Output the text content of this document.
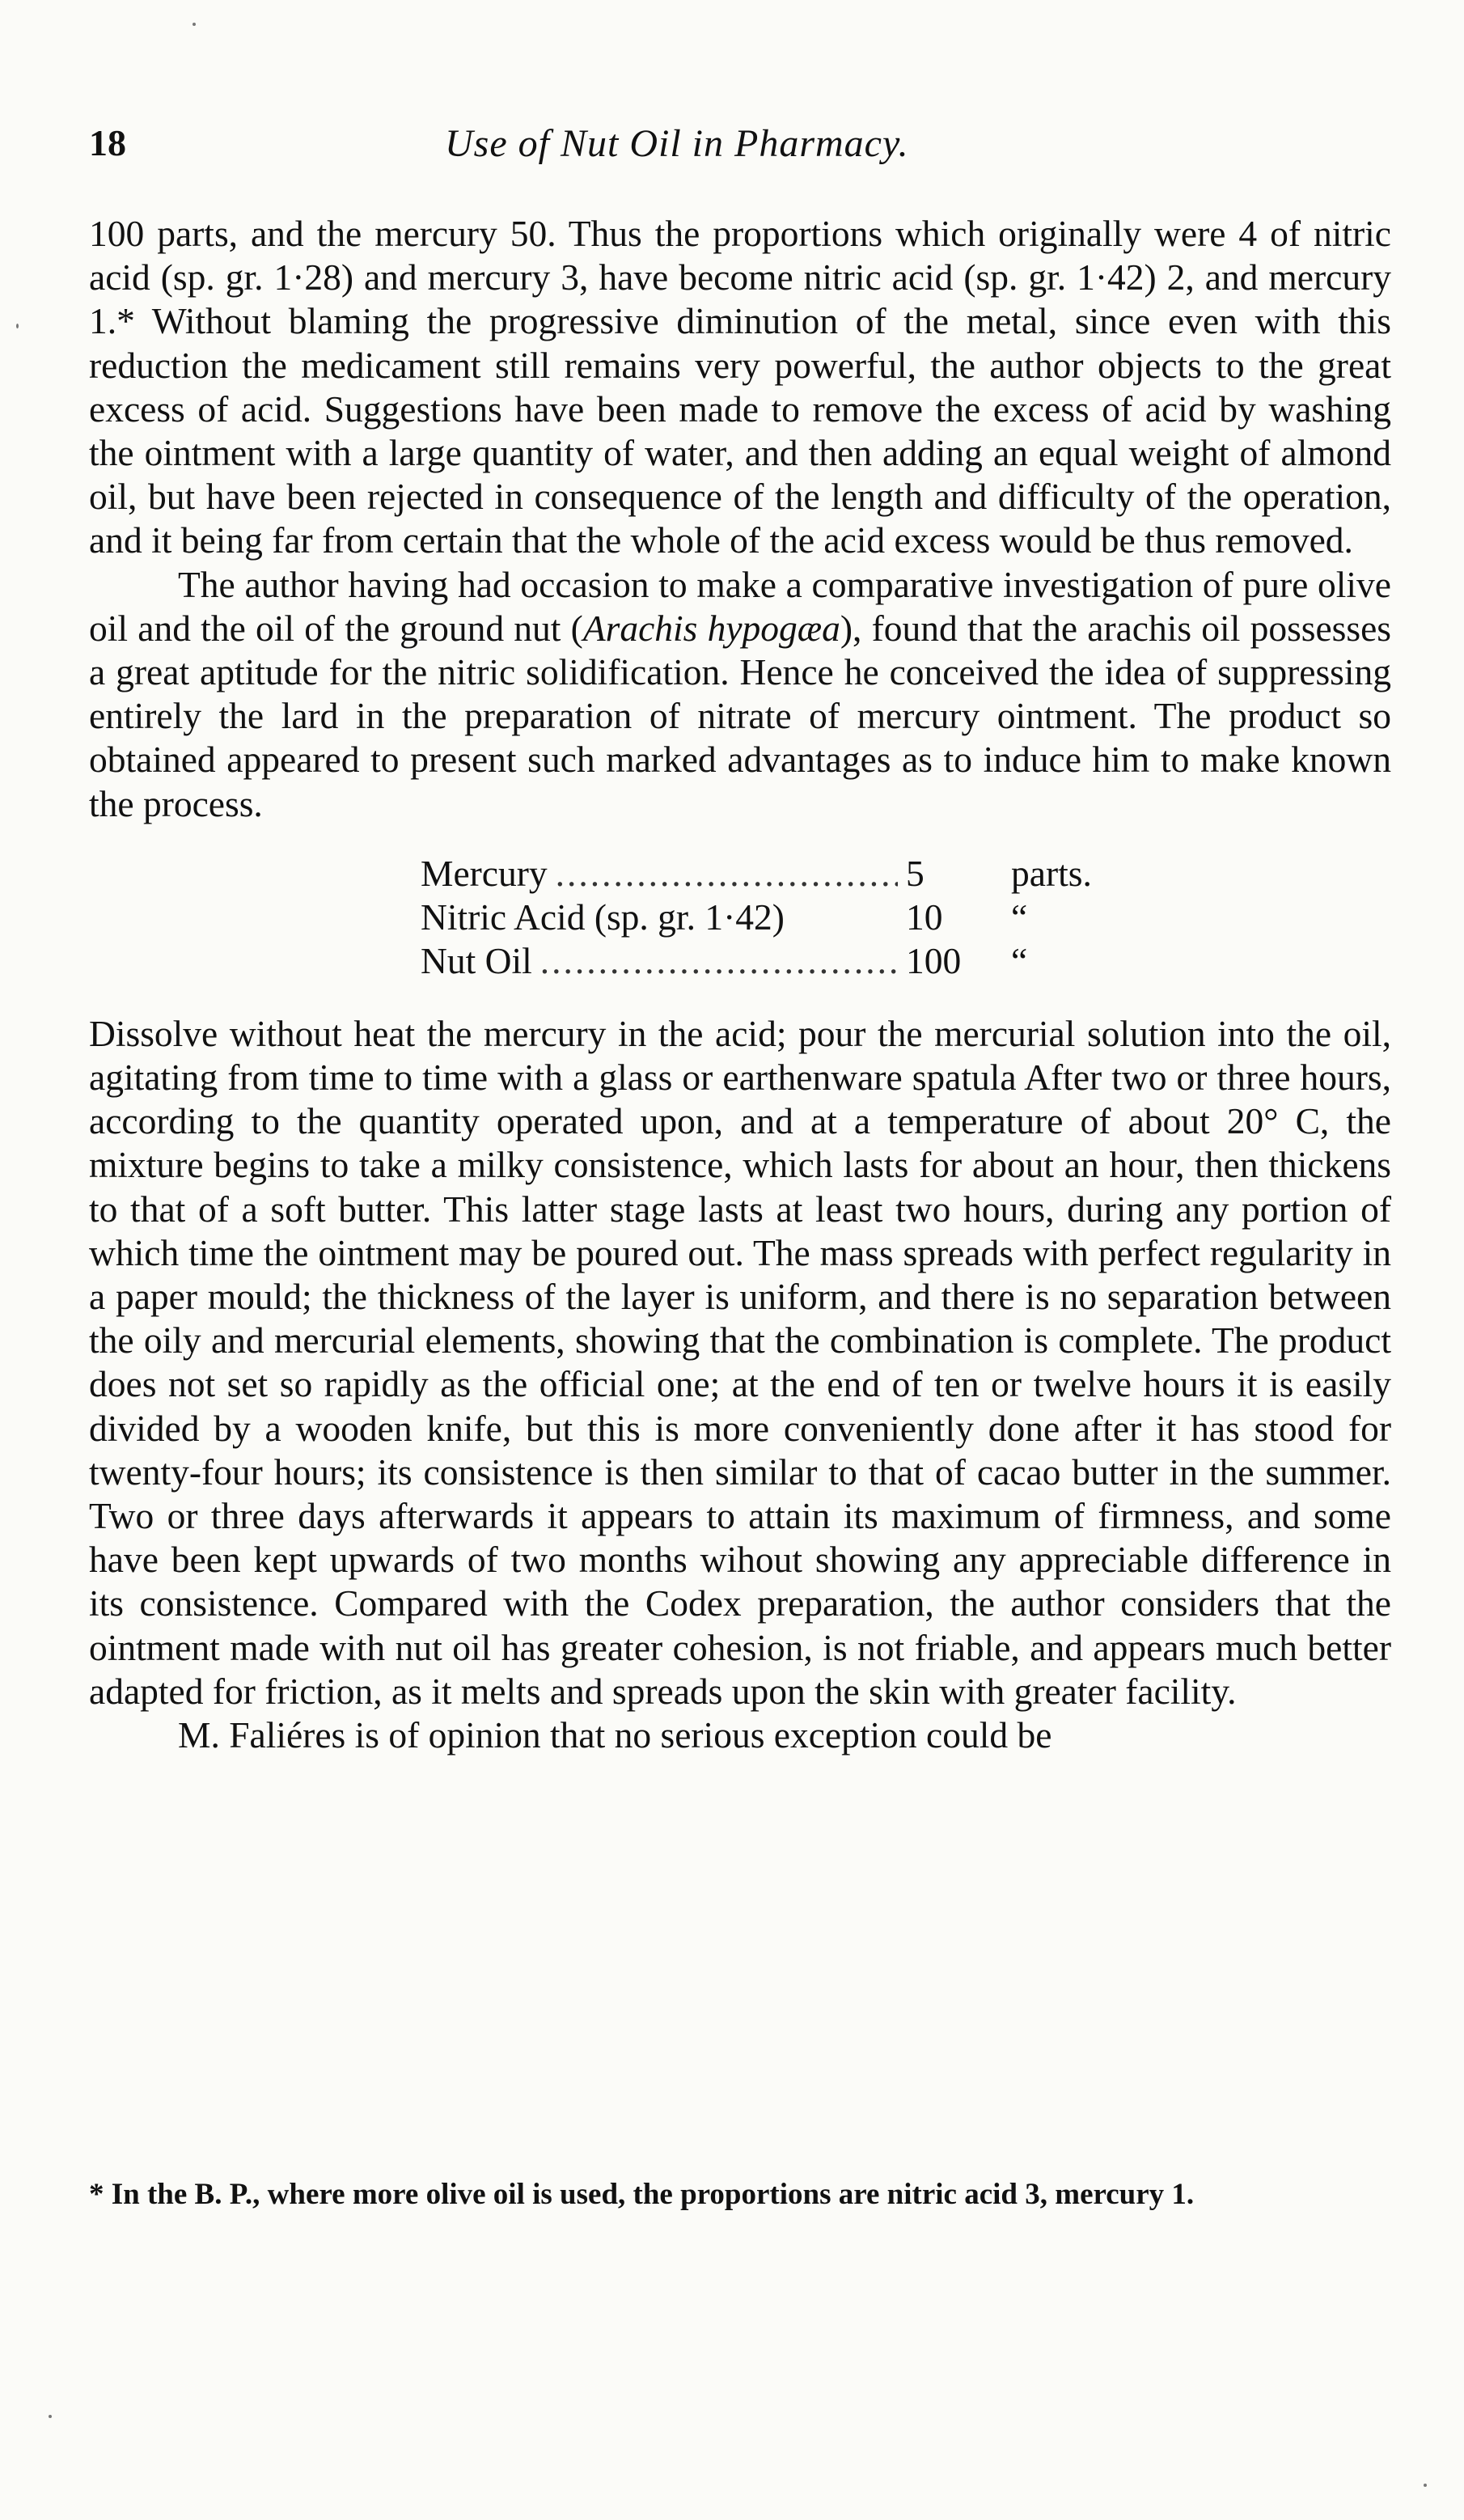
18	Use of Nut Oil in Pharmacy.

100 parts, and the mercury 50. Thus the proportions which originally were 4 of nitric acid (sp. gr. 1·28) and mercury 3, have become nitric acid (sp. gr. 1·42) 2, and mercury 1.* Without blaming the progressive diminution of the metal, since even with this reduction the medicament still remains very powerful, the author objects to the great excess of acid. Suggestions have been made to remove the excess of acid by washing the ointment with a large quantity of water, and then adding an equal weight of almond oil, but have been rejected in consequence of the length and difficulty of the operation, and it being far from certain that the whole of the acid excess would be thus removed.

The author having had occasion to make a comparative investigation of pure olive oil and the oil of the ground nut (Arachis hypogæa), found that the arachis oil possesses a great aptitude for the nitric solidification. Hence he conceived the idea of suppressing entirely the lard in the preparation of nitrate of mercury ointment. The product so obtained appeared to present such marked advantages as to induce him to make known the process.

Mercury .....	5	parts.
Nitric Acid (sp. gr. 1·42)	10	“
Nut Oil .....	100	“

Dissolve without heat the mercury in the acid; pour the mercurial solution into the oil, agitating from time to time with a glass or earthenware spatula After two or three hours, according to the quantity operated upon, and at a temperature of about 20° C, the mixture begins to take a milky consistence, which lasts for about an hour, then thickens to that of a soft butter. This latter stage lasts at least two hours, during any portion of which time the ointment may be poured out. The mass spreads with perfect regularity in a paper mould; the thickness of the layer is uniform, and there is no separation between the oily and mercurial elements, showing that the combination is complete. The product does not set so rapidly as the official one; at the end of ten or twelve hours it is easily divided by a wooden knife, but this is more conveniently done after it has stood for twenty-four hours; its consistence is then similar to that of cacao butter in the summer. Two or three days afterwards it appears to attain its maximum of firmness, and some have been kept upwards of two months wihout showing any appreciable difference in its consistence. Compared with the Codex preparation, the author considers that the ointment made with nut oil has greater cohesion, is not friable, and appears much better adapted for friction, as it melts and spreads upon the skin with greater facility.

M. Faliéres is of opinion that no serious exception could be

* In the B. P., where more olive oil is used, the proportions are nitric acid 3, mercury 1.
